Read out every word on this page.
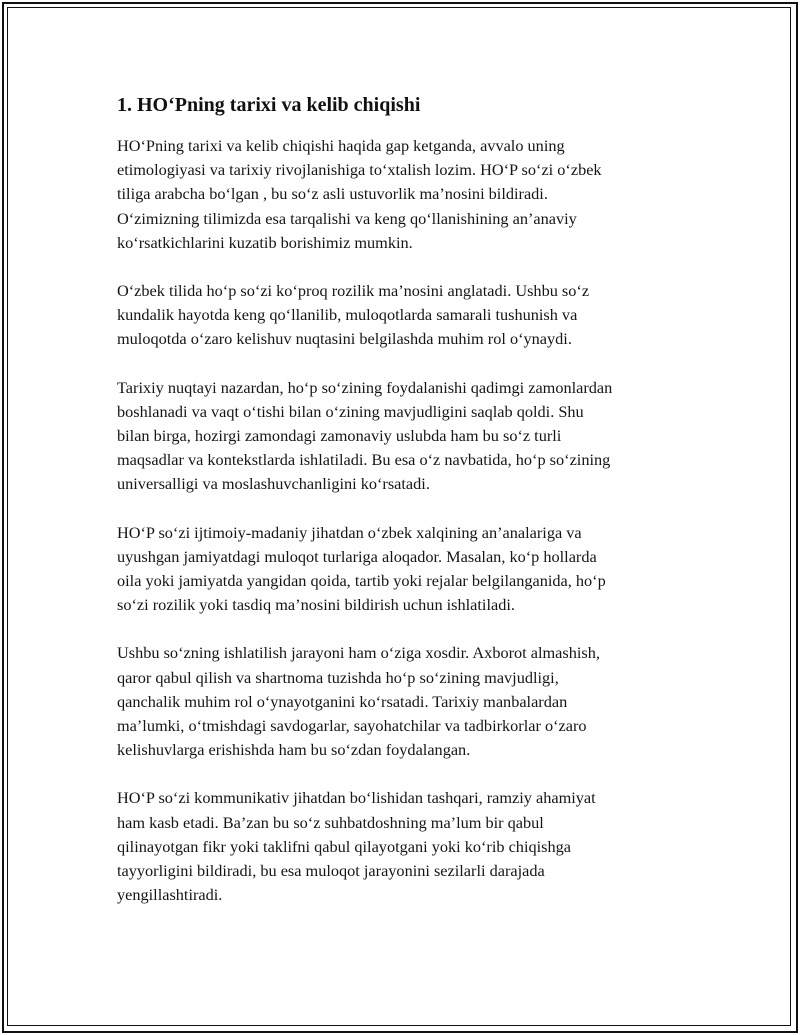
1. HO‘Pning tarixi va kelib chiqishi

HO‘Pning tarixi va kelib chiqishi haqida gap ketganda, avvalo uning
etimologiyasi va tarixiy rivojlanishiga to‘xtalish lozim. HO‘P so‘zi o‘zbek
tiliga arabcha bo‘lgan , bu so‘z asli ustuvorlik ma’nosini bildiradi.
O‘zimizning tilimizda esa tarqalishi va keng qo‘llanishining an’anaviy
ko‘rsatkichlarini kuzatib borishimiz mumkin.

O‘zbek tilida ho‘p so‘zi ko‘proq rozilik ma’nosini anglatadi. Ushbu so‘z
kundalik hayotda keng qo‘llanilib, muloqotlarda samarali tushunish va
muloqotda o‘zaro kelishuv nuqtasini belgilashda muhim rol o‘ynaydi.

Tarixiy nuqtayi nazardan, ho‘p so‘zining foydalanishi qadimgi zamonlardan
boshlanadi va vaqt o‘tishi bilan o‘zining mavjudligini saqlab qoldi. Shu
bilan birga, hozirgi zamondagi zamonaviy uslubda ham bu so‘z turli
maqsadlar va kontekstlarda ishlatiladi. Bu esa o‘z navbatida, ho‘p so‘zining
universalligi va moslashuvchanligini ko‘rsatadi.

HO‘P so‘zi ijtimoiy-madaniy jihatdan o‘zbek xalqining an’analariga va
uyushgan jamiyatdagi muloqot turlariga aloqador. Masalan, ko‘p hollarda
oila yoki jamiyatda yangidan qoida, tartib yoki rejalar belgilanganida, ho‘p
so‘zi rozilik yoki tasdiq ma’nosini bildirish uchun ishlatiladi.

Ushbu so‘zning ishlatilish jarayoni ham o‘ziga xosdir. Axborot almashish,
qaror qabul qilish va shartnoma tuzishda ho‘p so‘zining mavjudligi,
qanchalik muhim rol o‘ynayotganini ko‘rsatadi. Tarixiy manbalardan
ma’lumki, o‘tmishdagi savdogarlar, sayohatchilar va tadbirkorlar o‘zaro
kelishuvlarga erishishda ham bu so‘zdan foydalangan.

HO‘P so‘zi kommunikativ jihatdan bo‘lishidan tashqari, ramziy ahamiyat
ham kasb etadi. Ba’zan bu so‘z suhbatdoshning ma’lum bir qabul
qilinayotgan fikr yoki taklifni qabul qilayotgani yoki ko‘rib chiqishga
tayyorligini bildiradi, bu esa muloqot jarayonini sezilarli darajada
yengillashtiradi.
